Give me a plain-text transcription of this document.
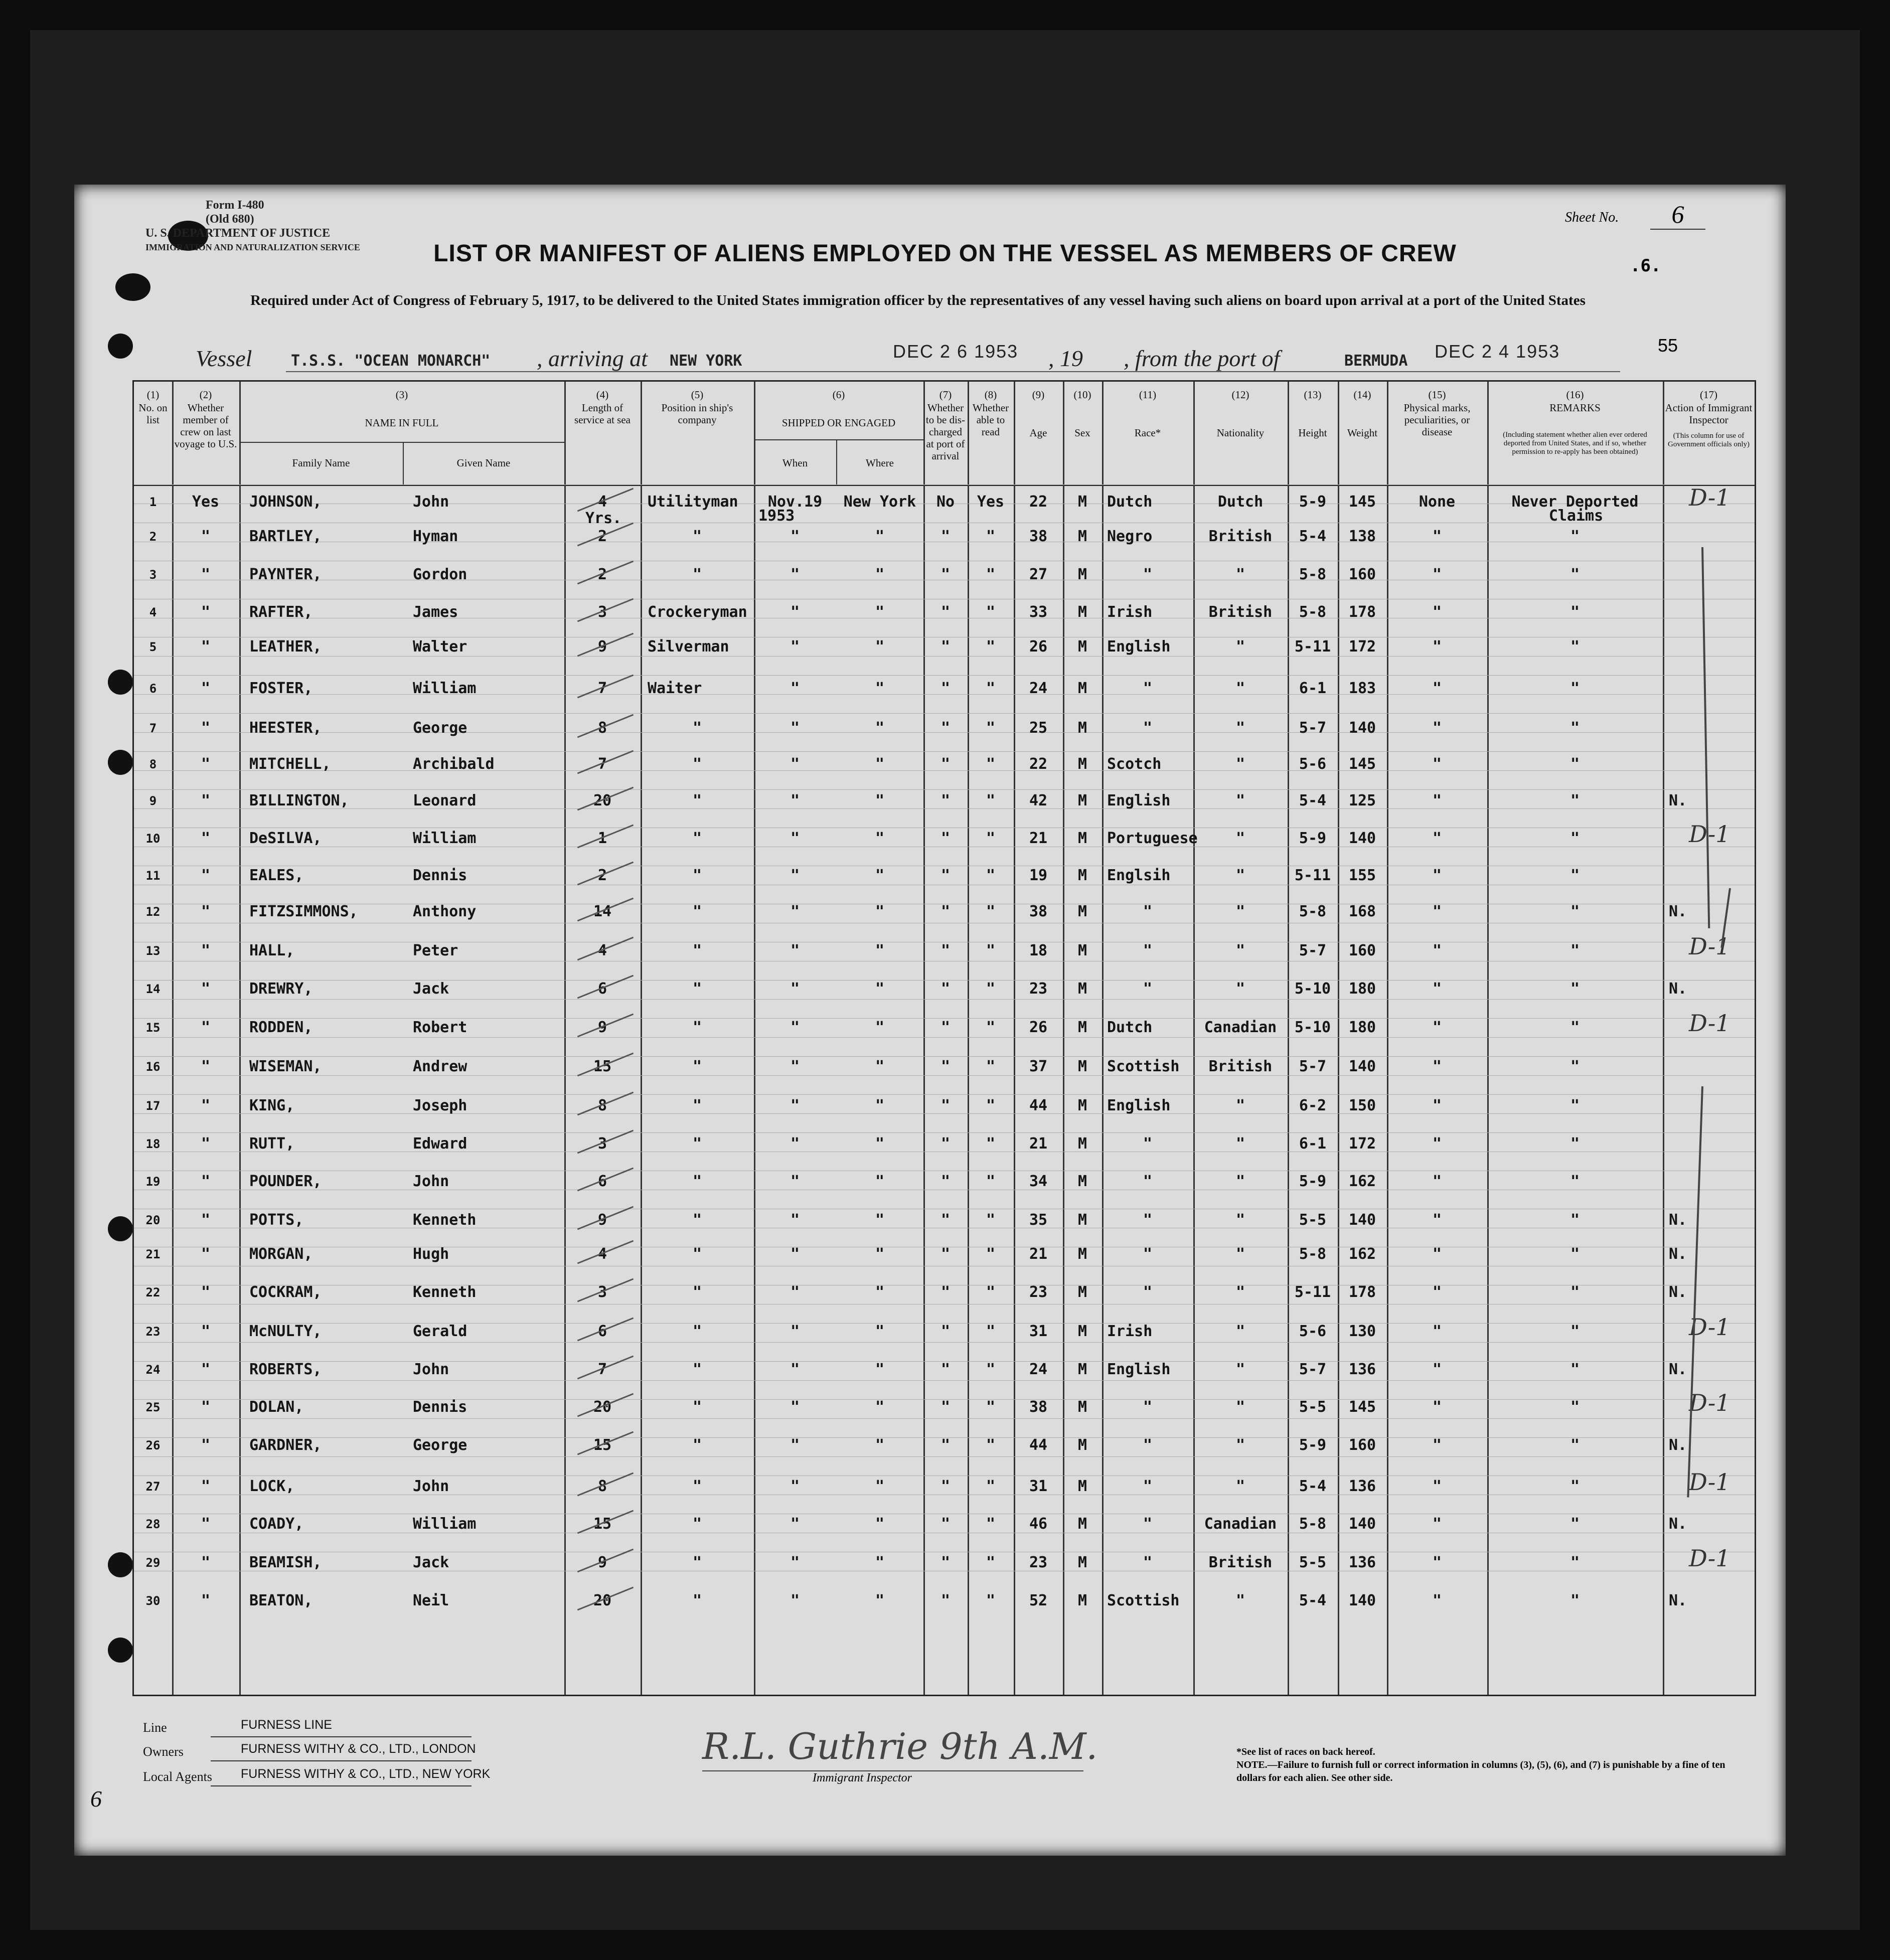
Form I-480
(Old 680)
U. S. DEPARTMENT OF JUSTICE
IMMIGRATION AND NATURALIZATION SERVICE
Sheet No.	6
.6.
LIST OR MANIFEST OF ALIENS EMPLOYED ON THE VESSEL AS MEMBERS OF CREW
Required under Act of Congress of February 5, 1917, to be delivered to the United States immigration officer by the representatives of any vessel having such aliens on board upon arrival at a port of the United States
55
Vessel	T.S.S. "OCEAN MONARCH" , arriving at NEW YORK	DEC 2 6 1953 , 19 , from the port of	BERMUDA DEC 2 4 1953
(1)
No. on list
(2)
Whether member of crew on last voyage to U.S.
(4)
Length of service at sea
(5)
Position in ship's company
(7)
Whether to be dis-charged at port of arrival
(8)
Whether able to read
(9)
Age
(10)
Sex
(11)
Race*
(12)
Nationality
(13)
Height
(14)
Weight
(15)
Physical marks, peculiarities, or disease
(16)
REMARKS
(17)
Action of Immigrant Inspector
(3)
NAME IN FULL
Family Name	Given Name
(6)
SHIPPED OR ENGAGED
When	Where
(Including statement whether alien ever ordered deported from United States, and if so, whether permission to re-apply has been obtained)
(This column for use of Government officials only)
Yrs.	1953	Claims
1	Yes	JOHNSON,	John	4	Utilityman	Nov.19	New York	No	Yes	22	M	Dutch	Dutch	5-9	145	None	Never Deported	D-1
2	"	BARTLEY,	Hyman	2	"	"	"	"	"	38	M	Negro	British	5-4	138	"	"
3	"	PAYNTER,	Gordon	2	"	"	"	"	"	27	M	"	"	5-8	160	"	"
4	"	RAFTER,	James	3	Crockeryman	"	"	"	"	33	M	Irish	British	5-8	178	"	"
5	"	LEATHER,	Walter	9	Silverman	"	"	"	"	26	M	English	"	5-11	172	"	"
6	"	FOSTER,	William	7	Waiter	"	"	"	"	24	M	"	"	6-1	183	"	"
7	"	HEESTER,	George	8	"	"	"	"	"	25	M	"	"	5-7	140	"	"
8	"	MITCHELL,	Archibald	7	"	"	"	"	"	22	M	Scotch	"	5-6	145	"	"
9	"	BILLINGTON,	Leonard	20	"	"	"	"	"	42	M	English	"	5-4	125	"	"	N.
10	"	DeSILVA,	William	1	"	"	"	"	"	21	M	Portuguese	"	5-9	140	"	"	D-1
11	"	EALES,	Dennis	2	"	"	"	"	"	19	M	Englsih	"	5-11	155	"	"
12	"	FITZSIMMONS,	Anthony	14	"	"	"	"	"	38	M	"	"	5-8	168	"	"	N.
13	"	HALL,	Peter	4	"	"	"	"	"	18	M	"	"	5-7	160	"	"	D-1
14	"	DREWRY,	Jack	6	"	"	"	"	"	23	M	"	"	5-10	180	"	"	N.
15	"	RODDEN,	Robert	9	"	"	"	"	"	26	M	Dutch	Canadian	5-10	180	"	"	D-1
16	"	WISEMAN,	Andrew	15	"	"	"	"	"	37	M	Scottish	British	5-7	140	"	"
17	"	KING,	Joseph	8	"	"	"	"	"	44	M	English	"	6-2	150	"	"
18	"	RUTT,	Edward	3	"	"	"	"	"	21	M	"	"	6-1	172	"	"
19	"	POUNDER,	John	6	"	"	"	"	"	34	M	"	"	5-9	162	"	"
20	"	POTTS,	Kenneth	9	"	"	"	"	"	35	M	"	"	5-5	140	"	"	N.
21	"	MORGAN,	Hugh	4	"	"	"	"	"	21	M	"	"	5-8	162	"	"	N.
22	"	COCKRAM,	Kenneth	3	"	"	"	"	"	23	M	"	"	5-11	178	"	"	N.
23	"	McNULTY,	Gerald	6	"	"	"	"	"	31	M	Irish	"	5-6	130	"	"	D-1
24	"	ROBERTS,	John	7	"	"	"	"	"	24	M	English	"	5-7	136	"	"	N.
25	"	DOLAN,	Dennis	20	"	"	"	"	"	38	M	"	"	5-5	145	"	"	D-1
26	"	GARDNER,	George	15	"	"	"	"	"	44	M	"	"	5-9	160	"	"	N.
27	"	LOCK,	John	8	"	"	"	"	"	31	M	"	"	5-4	136	"	"	D-1
28	"	COADY,	William	15	"	"	"	"	"	46	M	"	Canadian	5-8	140	"	"	N.
29	"	BEAMISH,	Jack	9	"	"	"	"	"	23	M	"	British	5-5	136	"	"	D-1
30	"	BEATON,	Neil	20	"	"	"	"	"	52	M	Scottish	"	5-4	140	"	"	N.
Line	FURNESS LINE
Owners	FURNESS WITHY & CO., LTD., LONDON
Local Agents FURNESS WITHY & CO., LTD., NEW YORK
6
R.L. Guthrie 9th A.M.
Immigrant Inspector
*See list of races on back hereof.
NOTE.—Failure to furnish full or correct information in columns (3), (5), (6), and (7) is punishable by a fine of ten dollars for each alien. See other side.
